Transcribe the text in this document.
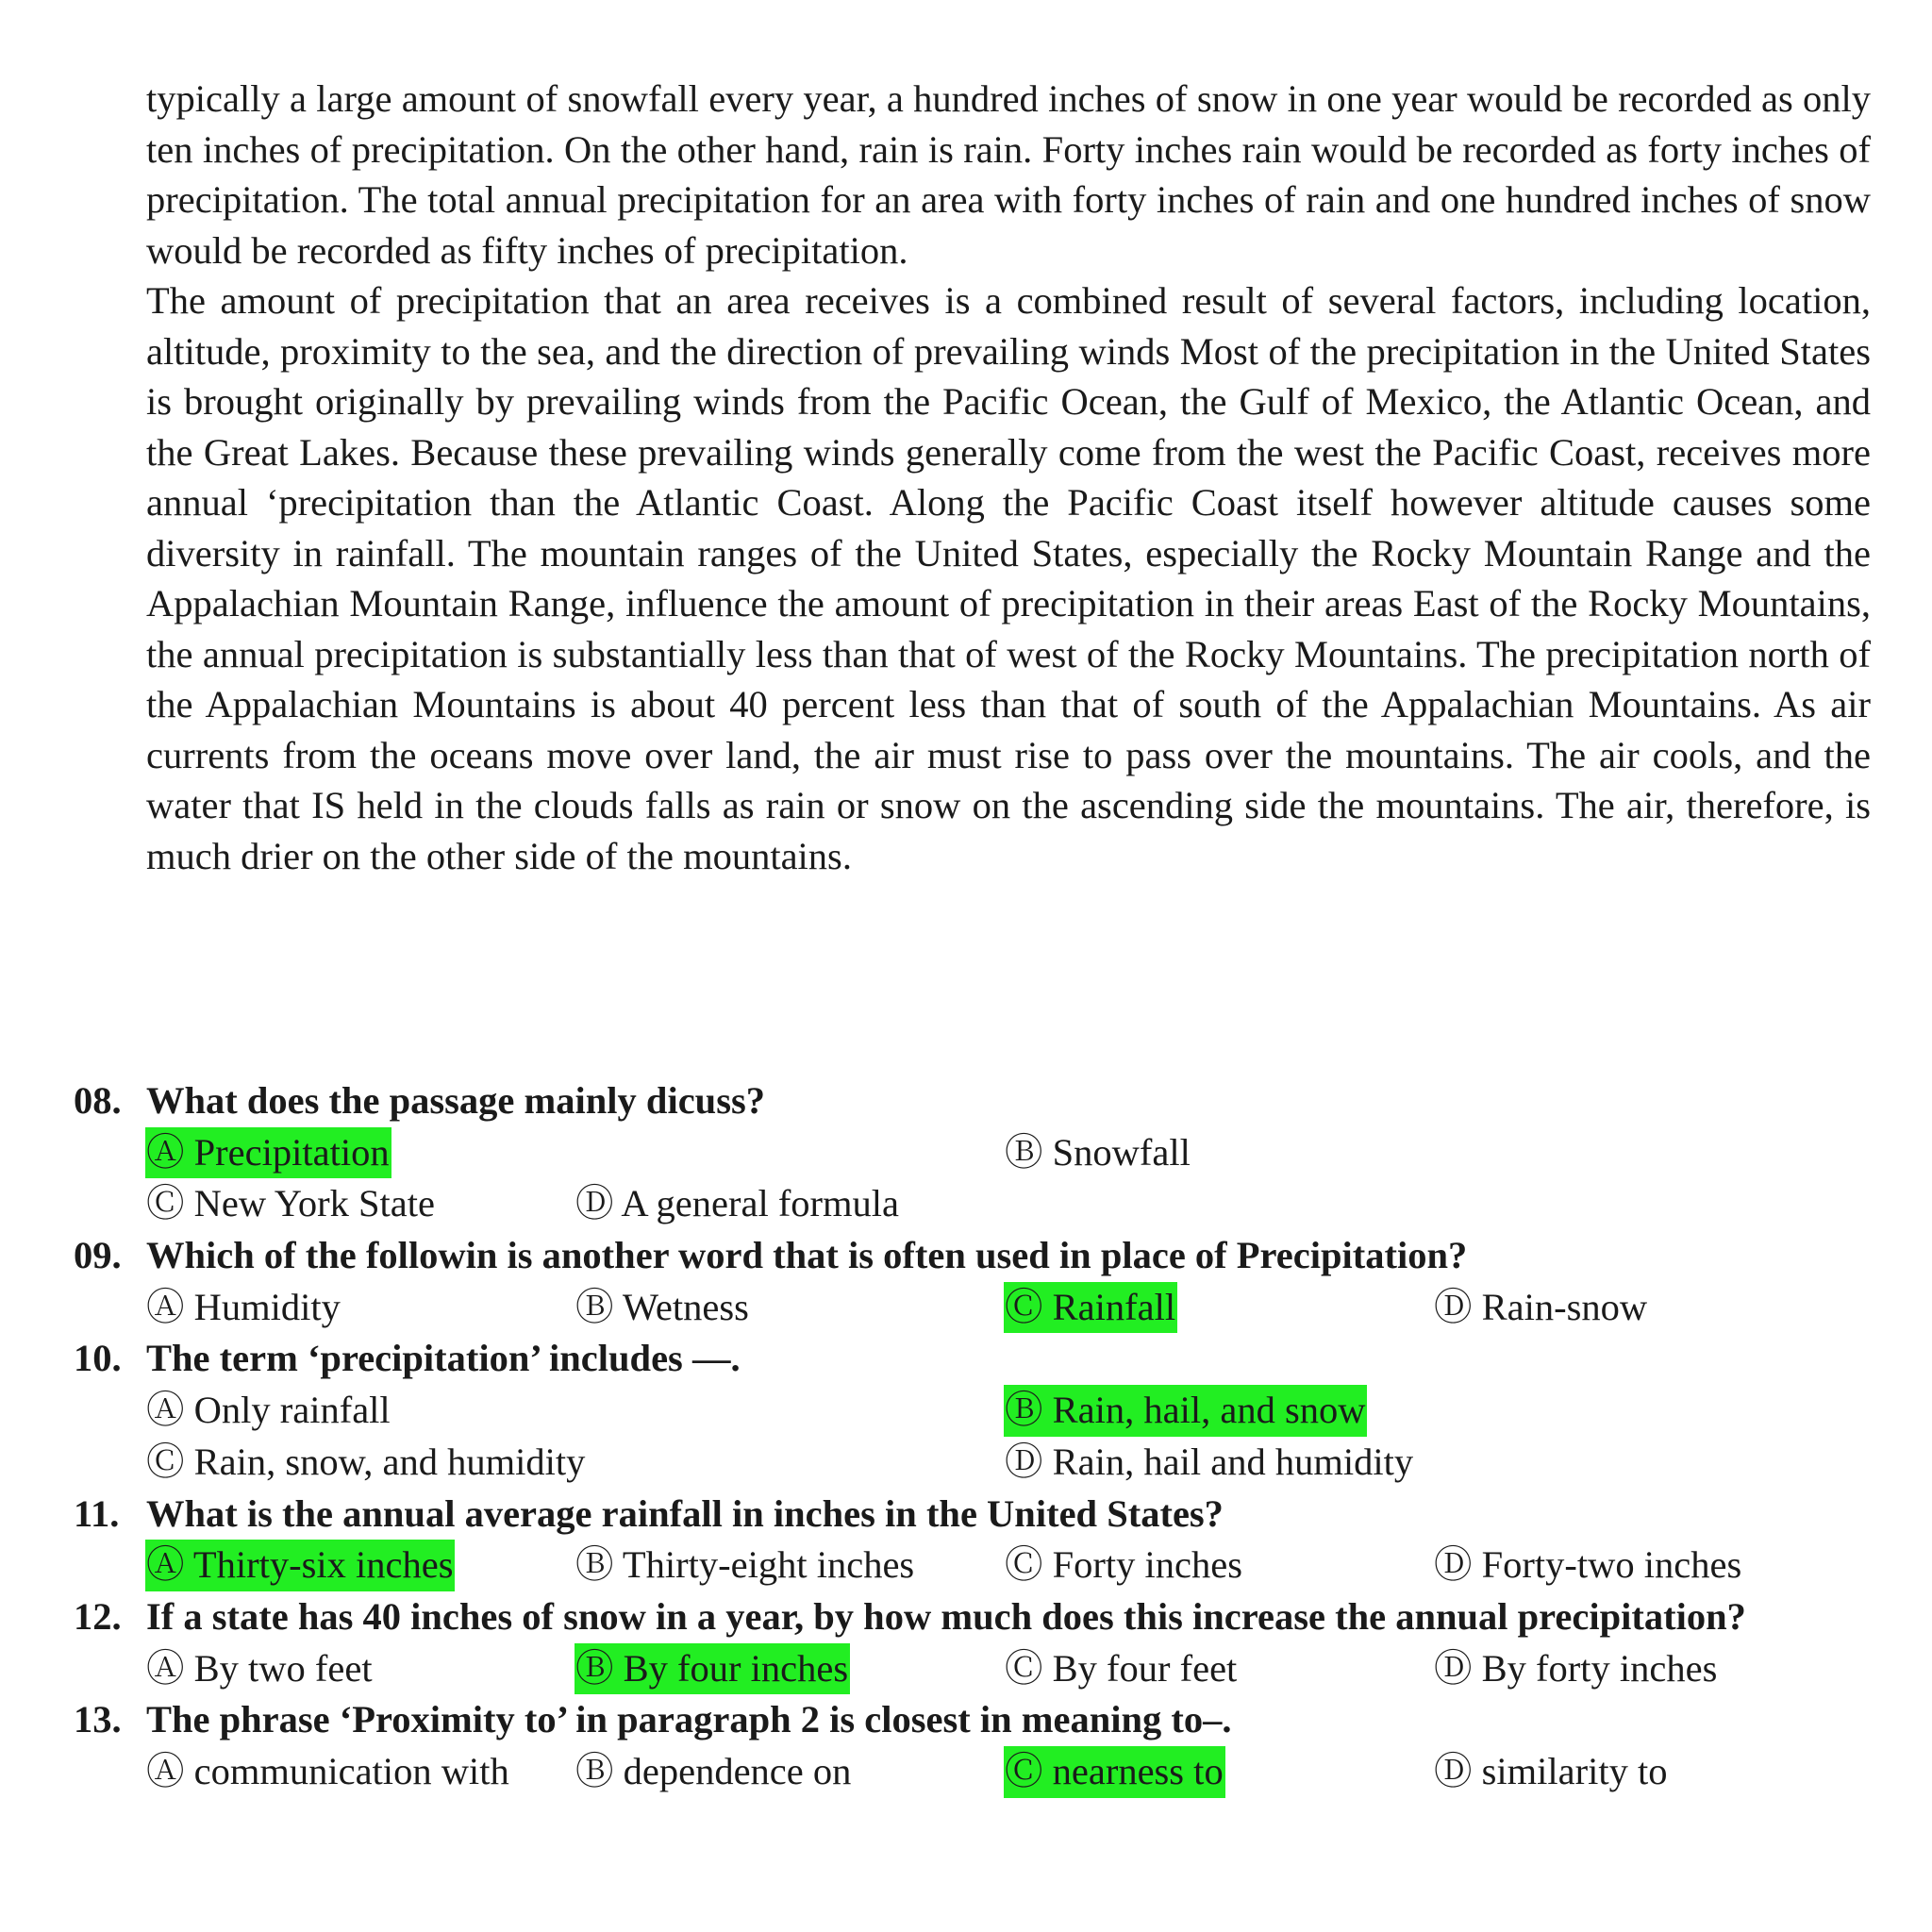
typically a large amount of snowfall every year, a hundred inches of snow in one year would be recorded as only ten inches of precipitation. On the other hand, rain is rain. Forty inches rain would be recorded as forty inches of precipitation. The total annual precipitation for an area with forty inches of rain and one hundred inches of snow would be recorded as fifty inches of precipitation.

The amount of precipitation that an area receives is a combined result of several factors, including location, altitude, proximity to the sea, and the direction of prevailing winds Most of the precipitation in the United States is brought originally by prevailing winds from the Pacific Ocean, the Gulf of Mexico, the Atlantic Ocean, and the Great Lakes. Because these prevailing winds generally come from the west the Pacific Coast, receives more annual ‘precipitation than the Atlantic Coast. Along the Pacific Coast itself however altitude causes some diversity in rainfall. The mountain ranges of the United States, especially the Rocky Mountain Range and the Appalachian Mountain Range, influence the amount of precipitation in their areas East of the Rocky Mountains, the annual precipitation is substantially less than that of west of the Rocky Mountains. The precipitation north of the Appalachian Mountains is about 40 percent less than that of south of the Appalachian Mountains. As air currents from the oceans move over land, the air must rise to pass over the mountains. The air cools, and the water that IS held in the clouds falls as rain or snow on the ascending side the mountains. The air, therefore, is much drier on the other side of the mountains.

08. What does the passage mainly dicuss?
Ⓐ Precipitation	Ⓑ Snowfall
Ⓒ New York State	Ⓓ A general formula
09. Which of the followin is another word that is often used in place of Precipitation?
Ⓐ Humidity	Ⓑ Wetness	Ⓒ Rainfall	Ⓓ Rain-snow
10. The term ‘precipitation’ includes —.
Ⓐ Only rainfall	Ⓑ Rain, hail, and snow
Ⓒ Rain, snow, and humidity	Ⓓ Rain, hail and humidity
11. What is the annual average rainfall in inches in the United States?
Ⓐ Thirty-six inches	Ⓑ Thirty-eight inches Ⓒ Forty inches	Ⓓ Forty-two inches
12. If a state has 40 inches of snow in a year, by how much does this increase the annual precipitation?
Ⓐ By two feet	Ⓑ By four inches	Ⓒ By four feet	Ⓓ By forty inches
13. The phrase ‘Proximity to’ in paragraph 2 is closest in meaning to–.
Ⓐ communication with Ⓑ dependence on	Ⓒ nearness to	Ⓓ similarity to
